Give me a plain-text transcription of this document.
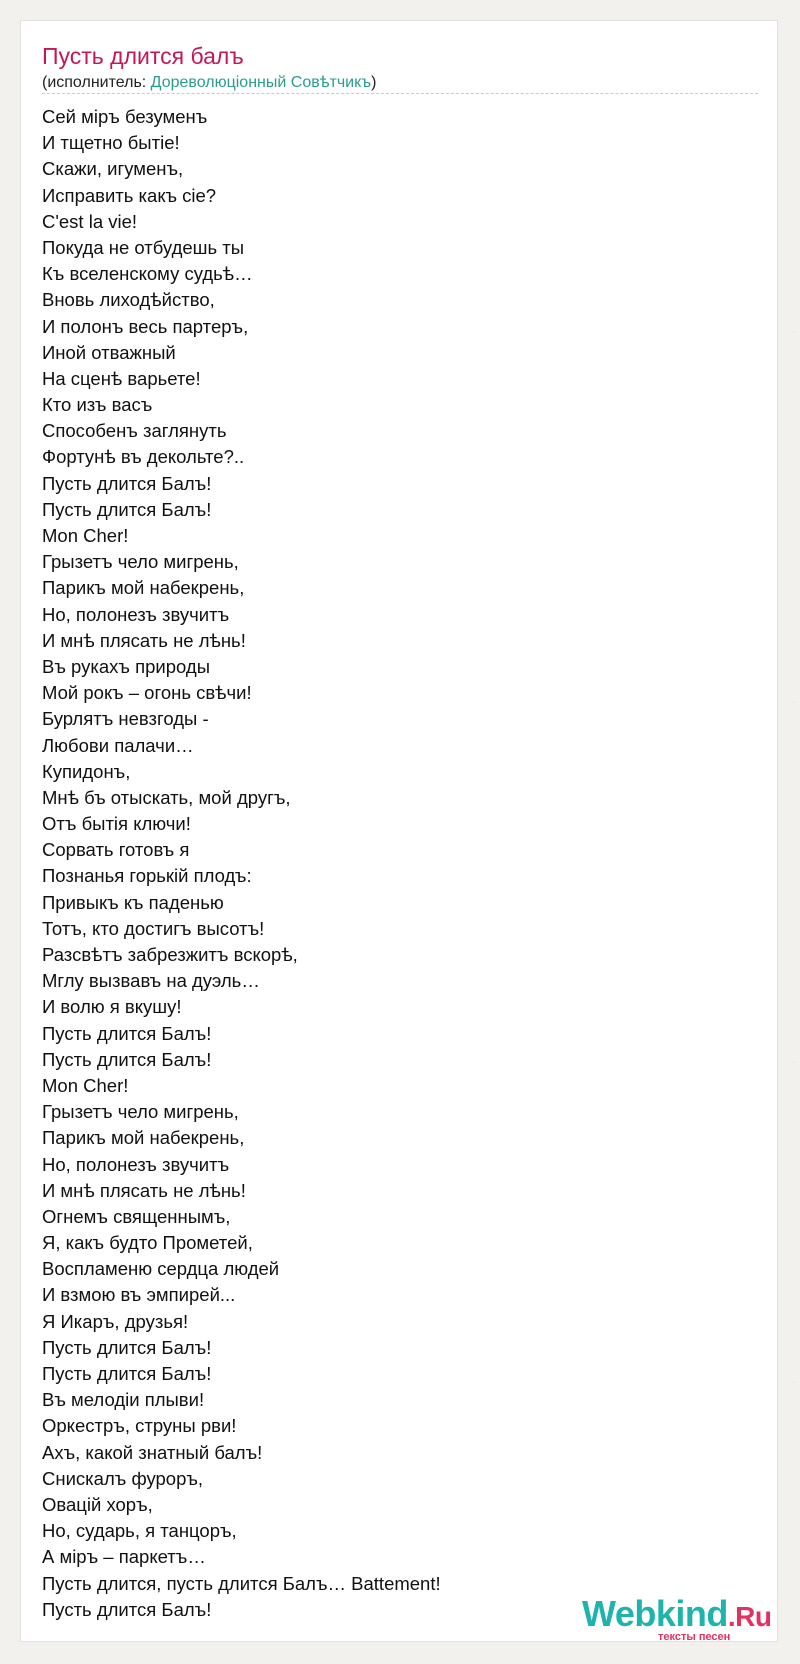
Пусть длится балъ
(исполнитель: Дореволюцiонный Совѣтчикъ)
Сей мiръ безуменъ
И тщетно бытiе!
Скажи, игуменъ,
Исправить какъ сiе?
C'est la vie!
Покуда не отбудешь ты
Къ вселенскому судьѣ…
Вновь лиходѣйство,
И полонъ весь партеръ,
Иной отважный
На сценѣ варьете!
Кто изъ васъ
Способенъ заглянуть
Фортунѣ въ декольте?..
Пусть длится Балъ!
Пусть длится Балъ!
Mon Cher!
Грызетъ чело мигрень,
Парикъ мой набекрень,
Но, полонезъ звучитъ
И мнѣ плясать не лѣнь!
Въ рукахъ природы
Мой рокъ – огонь свѣчи!
Бурлятъ невзгоды -
Любови палачи…
Купидонъ,
Мнѣ бъ отыскать, мой другъ,
Отъ бытiя ключи!
Сорвать готовъ я
Познанья горькiй плодъ:
Привыкъ къ паденью
Тотъ, кто достигъ высотъ!
Разсвѣтъ забрезжитъ вскорѣ,
Мглу вызвавъ на дуэль…
И волю я вкушу!
Пусть длится Балъ!
Пусть длится Балъ!
Mon Cher!
Грызетъ чело мигрень,
Парикъ мой набекрень,
Но, полонезъ звучитъ
И мнѣ плясать не лѣнь!
Огнемъ священнымъ,
Я, какъ будто Прометей,
Воспламеню сердца людей
И взмою въ эмпирей...
Я Икаръ, друзья!
Пусть длится Балъ!
Пусть длится Балъ!
Въ мелодiи плыви!
Оркестръ, струны рви!
Ахъ, какой знатный балъ!
Снискалъ фуроръ,
Овацiй хоръ,
Но, сударь, я танцоръ,
А мiръ – паркетъ…
Пусть длится, пусть длится Балъ… Battement!
Пусть длится Балъ!	Webkind.Ru
тексты песен
·
·
·
·
